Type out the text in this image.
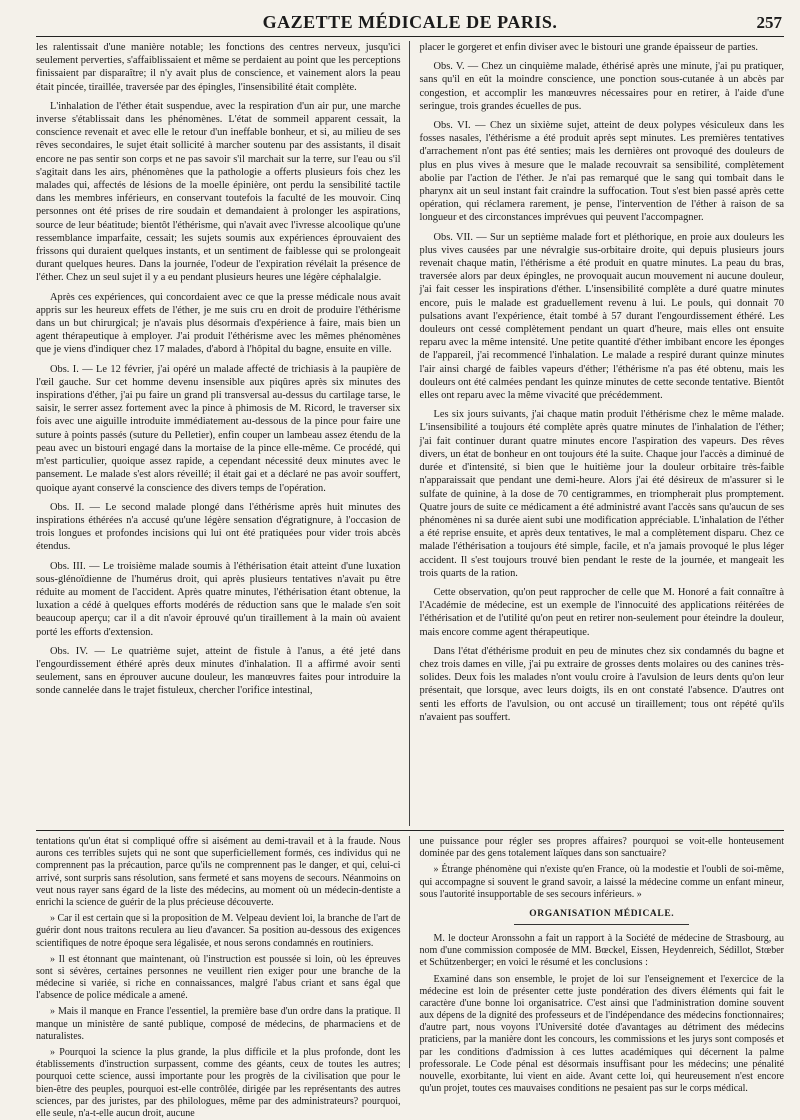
GAZETTE MÉDICALE DE PARIS.	257

les ralentissait d'une manière notable; les fonctions des centres nerveux, jusqu'ici seulement perverties, s'affaiblissaient et même se perdaient au point que les perceptions finissaient par disparaître; il n'y avait plus de conscience, et vainement alors la peau était pincée, tiraillée, traversée par des épingles, l'insensibilité était complète.

L'inhalation de l'éther était suspendue, avec la respiration d'un air pur, une marche inverse s'établissait dans les phénomènes. L'état de sommeil apparent cessait, la conscience revenait et avec elle le retour d'un ineffable bonheur, et si, au milieu de ses rêves secondaires, le sujet était sollicité à marcher soutenu par des assistants, il disait encore ne pas sentir son corps et ne pas savoir s'il marchait sur la terre, sur l'eau ou s'il s'agitait dans les airs, phénomènes que la pathologie a offerts plusieurs fois chez les malades qui, affectés de lésions de la moelle épinière, ont perdu la sensibilité tactile dans les membres inférieurs, en conservant toutefois la faculté de les mouvoir. Cinq personnes ont été prises de rire soudain et demandaient à prolonger les aspirations, source de leur béatitude; bientôt l'éthérisme, qui n'avait avec l'ivresse alcoolique qu'une ressemblance imparfaite, cessait; les sujets soumis aux expériences éprouvaient des frissons qui duraient quelques instants, et un sentiment de faiblesse qui se prolongeait durant quelques heures. Dans la journée, l'odeur de l'expiration révélait la présence de l'éther. Chez un seul sujet il y a eu pendant plusieurs heures une légère céphalalgie.

Après ces expériences, qui concordaient avec ce que la presse médicale nous avait appris sur les heureux effets de l'éther, je me suis cru en droit de produire l'éthérisme dans un but chirurgical; je n'avais plus désormais d'expérience à faire, mais bien un agent thérapeutique à employer. J'ai produit l'éthérisme avec les mêmes phénomènes que je viens d'indiquer chez 17 malades, d'abord à l'hôpital du bagne, ensuite en ville.

Obs. I. — Le 12 février, j'ai opéré un malade affecté de trichiasis à la paupière de l'œil gauche. Sur cet homme devenu insensible aux piqûres après six minutes des inspirations d'éther, j'ai pu faire un grand pli transversal au-dessus du cartilage tarse, le saisir, le serrer assez fortement avec la pince à phimosis de M. Ricord, le traverser six fois avec une aiguille introduite immédiatement au-dessous de la pince pour faire une suture à points passés (suture du Pelletier), enfin couper un lambeau assez étendu de la peau avec un bistouri engagé dans la mortaise de la pince elle-même. Ce procédé, qui m'est particulier, quoique assez rapide, a cependant nécessité deux minutes avec le pansement. Le malade s'est alors réveillé; il était gai et a déclaré ne pas avoir souffert, quoique ayant conservé la conscience des divers temps de l'opération.

Obs. II. — Le second malade plongé dans l'éthérisme après huit minutes des inspirations éthérées n'a accusé qu'une légère sensation d'égratignure, à l'occasion de trois longues et profondes incisions qui lui ont été pratiquées pour vider trois abcès étendus.

Obs. III. — Le troisième malade soumis à l'éthérisation était atteint d'une luxation sous-glénoïdienne de l'humérus droit, qui après plusieurs tentatives n'avait pu être réduite au moment de l'accident. Après quatre minutes, l'éthérisation étant obtenue, la luxation a cédé à quelques efforts modérés de réduction sans que le malade s'en soit beaucoup aperçu; car il a dit n'avoir éprouvé qu'un tiraillement à la main où avaient porté les efforts d'extension.

Obs. IV. — Le quatrième sujet, atteint de fistule à l'anus, a été jeté dans l'engourdissement éthéré après deux minutes d'inhalation. Il a affirmé avoir senti seulement, sans en éprouver aucune douleur, les manœuvres faites pour introduire la sonde cannelée dans le trajet fistuleux, chercher l'orifice intestinal,

placer le gorgeret et enfin diviser avec le bistouri une grande épaisseur de parties.

Obs. V. — Chez un cinquième malade, éthérisé après une minute, j'ai pu pratiquer, sans qu'il en eût la moindre conscience, une ponction sous-cutanée à un abcès par congestion, et accomplir les manœuvres nécessaires pour en retirer, à l'aide d'une seringue, trois grandes écuelles de pus.

Obs. VI. — Chez un sixième sujet, atteint de deux polypes vésiculeux dans les fosses nasales, l'éthérisme a été produit après sept minutes. Les premières tentatives d'arrachement n'ont pas été senties; mais les dernières ont provoqué des douleurs de plus en plus vives à mesure que le malade recouvrait sa sensibilité, complètement abolie par l'action de l'éther. Je n'ai pas remarqué que le sang qui tombait dans le pharynx ait un seul instant fait craindre la suffocation. Tout s'est bien passé après cette opération, qui réclamera rarement, je pense, l'intervention de l'éther à raison de sa longueur et des circonstances imprévues qui peuvent l'accompagner.

Obs. VII. — Sur un septième malade fort et pléthorique, en proie aux douleurs les plus vives causées par une névralgie sus-orbitaire droite, qui depuis plusieurs jours revenait chaque matin, l'éthérisme a été produit en quatre minutes. La peau du bras, traversée alors par deux épingles, ne provoquait aucun mouvement ni aucune douleur, j'ai fait cesser les inspirations d'éther. L'insensibilité complète a duré quatre minutes encore, puis le malade est graduellement revenu à lui. Le pouls, qui donnait 70 pulsations avant l'expérience, était tombé à 57 durant l'engourdissement éthéré. Les douleurs ont cessé complètement pendant un quart d'heure, mais elles ont ensuite reparu avec la même intensité. Une petite quantité d'éther imbibant encore les éponges de l'appareil, j'ai recommencé l'inhalation. Le malade a respiré durant quinze minutes l'air ainsi chargé de faibles vapeurs d'éther; l'éthérisme n'a pas été obtenu, mais les douleurs ont été calmées pendant les quinze minutes de cette seconde tentative. Bientôt elles ont reparu avec la même vivacité que précédemment.

Les six jours suivants, j'ai chaque matin produit l'éthérisme chez le même malade. L'insensibilité a toujours été complète après quatre minutes de l'inhalation de l'éther; j'ai fait continuer durant quatre minutes encore l'aspiration des vapeurs. Des rêves divers, un état de bonheur en ont toujours été la suite. Chaque jour l'accès a diminué de durée et d'intensité, si bien que le huitième jour la douleur orbitaire très-faible n'apparaissait que pendant une demi-heure. Alors j'ai été désireux de m'assurer si le sulfate de quinine, à la dose de 70 centigrammes, en triompherait plus promptement. Quatre jours de suite ce médicament a été administré avant l'accès sans qu'aucun de ses phénomènes ni sa durée aient subi une modification appréciable. L'inhalation de l'éther a été reprise ensuite, et après deux tentatives, le mal a complètement disparu. Chez ce malade l'éthérisation a toujours été simple, facile, et n'a jamais provoqué le plus léger accident. Il s'est toujours trouvé bien pendant le reste de la journée, et mangeait les trois quarts de la ration.

Cette observation, qu'on peut rapprocher de celle que M. Honoré a fait connaître à l'Académie de médecine, est un exemple de l'innocuité des applications réitérées de l'éthérisation et de l'utilité qu'on peut en retirer non-seulement pour éteindre la douleur, mais encore comme agent thérapeutique.

Dans l'état d'éthérisme produit en peu de minutes chez six condamnés du bagne et chez trois dames en ville, j'ai pu extraire de grosses dents molaires ou des canines très-solides. Deux fois les malades n'ont voulu croire à l'avulsion de leurs dents qu'on leur présentait, que lorsque, avec leurs doigts, ils en ont constaté l'absence. D'autres ont senti les efforts de l'avulsion, ou ont accusé un tiraillement; tous ont répété qu'ils n'avaient pas souffert.

tentations qu'un état si compliqué offre si aisément au demi-travail et à la fraude. Nous aurons ces terribles sujets qui ne sont que superficiellement formés, ces individus qui ne comprennent pas la précaution, parce qu'ils ne comprennent pas le danger, et qui, celui-ci arrivé, sont surpris sans résolution, sans fermeté et sans moyens de secours. Néanmoins on veut nous rayer sans égard de la liste des médecins, au moment où un médecin-dentiste a enrichi la science de guérir de la plus précieuse découverte.

» Car il est certain que si la proposition de M. Velpeau devient loi, la branche de l'art de guérir dont nous traitons reculera au lieu d'avancer. Sa position au-dessous des exigences scientifiques de notre époque sera légalisée, et nous serons condamnés en routiniers.

» Il est étonnant que maintenant, où l'instruction est poussée si loin, où les épreuves sont si sévères, certaines personnes ne veuillent rien exiger pour une branche de la médecine si variée, si riche en connaissances, malgré l'abus criant et sans égal que l'absence de police médicale a amené.

» Mais il manque en France l'essentiel, la première base d'un ordre dans la pratique. Il manque un ministère de santé publique, composé de médecins, de pharmaciens et de naturalistes.

» Pourquoi la science la plus grande, la plus difficile et la plus profonde, dont les établissements d'instruction surpassent, comme des géants, ceux de toutes les autres; pourquoi cette science, aussi importante pour les progrès de la civilisation que pour le bien-être des peuples, pourquoi est-elle contrôlée, dirigée par les représentants des autres sciences, par des juristes, par des philologues, même par des administrateurs? pourquoi, elle seule, n'a-t-elle aucun droit, aucune

une puissance pour régler ses propres affaires? pourquoi se voit-elle honteusement dominée par des gens totalement laïques dans son sanctuaire?

» Étrange phénomène qui n'existe qu'en France, où la modestie et l'oubli de soi-même, qui accompagne si souvent le grand savoir, a laissé la médecine comme un enfant mineur, sous l'autorité insupportable de ses secours inférieurs. »

ORGANISATION MÉDICALE.

M. le docteur Aronssohn a fait un rapport à la Société de médecine de Strasbourg, au nom d'une commission composée de MM. Bœckel, Eissen, Heydenreich, Sédillot, Stœber et Schützenberger; en voici le résumé et les conclusions :

Examiné dans son ensemble, le projet de loi sur l'enseignement et l'exercice de la médecine est loin de présenter cette juste pondération des divers éléments qui fait le caractère d'une bonne loi organisatrice. C'est ainsi que l'administration domine souvent aux dépens de la dignité des professeurs et de l'indépendance des médecins fonctionnaires; d'autre part, nous voyons l'Université dotée d'avantages au détriment des médecins praticiens, par la manière dont les concours, les commissions et les jurys sont composés et par les conditions d'admission à ces luttes académiques qui décernent la palme professorale. Le Code pénal est désormais insuffisant pour les médecins; une pénalité nouvelle, exorbitante, lui vient en aide. Avant cette loi, qui heureusement n'est encore qu'un projet, toutes ces mauvaises conditions ne pesaient pas sur le corps médical.
